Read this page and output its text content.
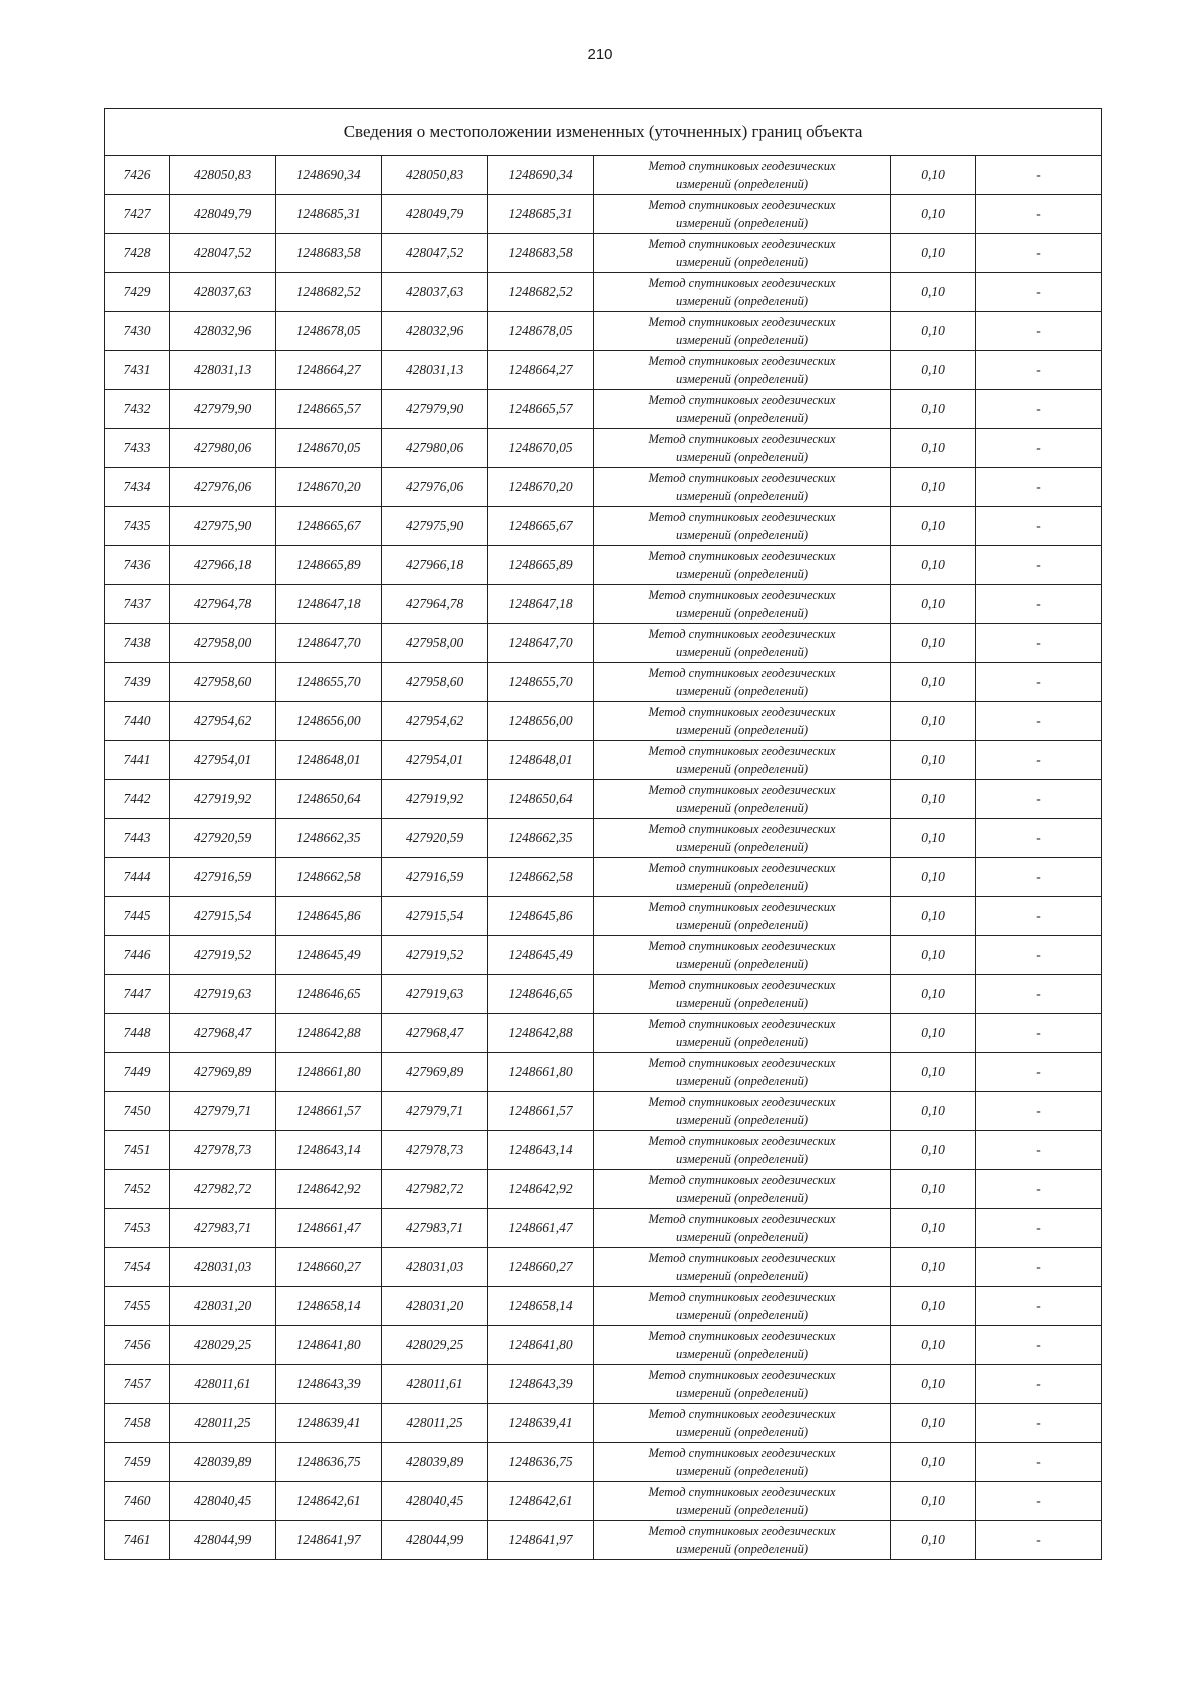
210
Сведения о местоположении измененных (уточненных) границ объекта							
7426	428050,83	1248690,34	428050,83	1248690,34	Метод спутниковых геодезических
измерений (определений)	0,10	-
7427	428049,79	1248685,31	428049,79	1248685,31	Метод спутниковых геодезических
измерений (определений)	0,10	-
7428	428047,52	1248683,58	428047,52	1248683,58	Метод спутниковых геодезических
измерений (определений)	0,10	-
7429	428037,63	1248682,52	428037,63	1248682,52	Метод спутниковых геодезических
измерений (определений)	0,10	-
7430	428032,96	1248678,05	428032,96	1248678,05	Метод спутниковых геодезических
измерений (определений)	0,10	-
7431	428031,13	1248664,27	428031,13	1248664,27	Метод спутниковых геодезических
измерений (определений)	0,10	-
7432	427979,90	1248665,57	427979,90	1248665,57	Метод спутниковых геодезических
измерений (определений)	0,10	-
7433	427980,06	1248670,05	427980,06	1248670,05	Метод спутниковых геодезических
измерений (определений)	0,10	-
7434	427976,06	1248670,20	427976,06	1248670,20	Метод спутниковых геодезических
измерений (определений)	0,10	-
7435	427975,90	1248665,67	427975,90	1248665,67	Метод спутниковых геодезических
измерений (определений)	0,10	-
7436	427966,18	1248665,89	427966,18	1248665,89	Метод спутниковых геодезических
измерений (определений)	0,10	-
7437	427964,78	1248647,18	427964,78	1248647,18	Метод спутниковых геодезических
измерений (определений)	0,10	-
7438	427958,00	1248647,70	427958,00	1248647,70	Метод спутниковых геодезических
измерений (определений)	0,10	-
7439	427958,60	1248655,70	427958,60	1248655,70	Метод спутниковых геодезических
измерений (определений)	0,10	-
7440	427954,62	1248656,00	427954,62	1248656,00	Метод спутниковых геодезических
измерений (определений)	0,10	-
7441	427954,01	1248648,01	427954,01	1248648,01	Метод спутниковых геодезических
измерений (определений)	0,10	-
7442	427919,92	1248650,64	427919,92	1248650,64	Метод спутниковых геодезических
измерений (определений)	0,10	-
7443	427920,59	1248662,35	427920,59	1248662,35	Метод спутниковых геодезических
измерений (определений)	0,10	-
7444	427916,59	1248662,58	427916,59	1248662,58	Метод спутниковых геодезических
измерений (определений)	0,10	-
7445	427915,54	1248645,86	427915,54	1248645,86	Метод спутниковых геодезических
измерений (определений)	0,10	-
7446	427919,52	1248645,49	427919,52	1248645,49	Метод спутниковых геодезических
измерений (определений)	0,10	-
7447	427919,63	1248646,65	427919,63	1248646,65	Метод спутниковых геодезических
измерений (определений)	0,10	-
7448	427968,47	1248642,88	427968,47	1248642,88	Метод спутниковых геодезических
измерений (определений)	0,10	-
7449	427969,89	1248661,80	427969,89	1248661,80	Метод спутниковых геодезических
измерений (определений)	0,10	-
7450	427979,71	1248661,57	427979,71	1248661,57	Метод спутниковых геодезических
измерений (определений)	0,10	-
7451	427978,73	1248643,14	427978,73	1248643,14	Метод спутниковых геодезических
измерений (определений)	0,10	-
7452	427982,72	1248642,92	427982,72	1248642,92	Метод спутниковых геодезических
измерений (определений)	0,10	-
7453	427983,71	1248661,47	427983,71	1248661,47	Метод спутниковых геодезических
измерений (определений)	0,10	-
7454	428031,03	1248660,27	428031,03	1248660,27	Метод спутниковых геодезических
измерений (определений)	0,10	-
7455	428031,20	1248658,14	428031,20	1248658,14	Метод спутниковых геодезических
измерений (определений)	0,10	-
7456	428029,25	1248641,80	428029,25	1248641,80	Метод спутниковых геодезических
измерений (определений)	0,10	-
7457	428011,61	1248643,39	428011,61	1248643,39	Метод спутниковых геодезических
измерений (определений)	0,10	-
7458	428011,25	1248639,41	428011,25	1248639,41	Метод спутниковых геодезических
измерений (определений)	0,10	-
7459	428039,89	1248636,75	428039,89	1248636,75	Метод спутниковых геодезических
измерений (определений)	0,10	-
7460	428040,45	1248642,61	428040,45	1248642,61	Метод спутниковых геодезических
измерений (определений)	0,10	-
7461	428044,99	1248641,97	428044,99	1248641,97	Метод спутниковых геодезических
измерений (определений)	0,10	-
